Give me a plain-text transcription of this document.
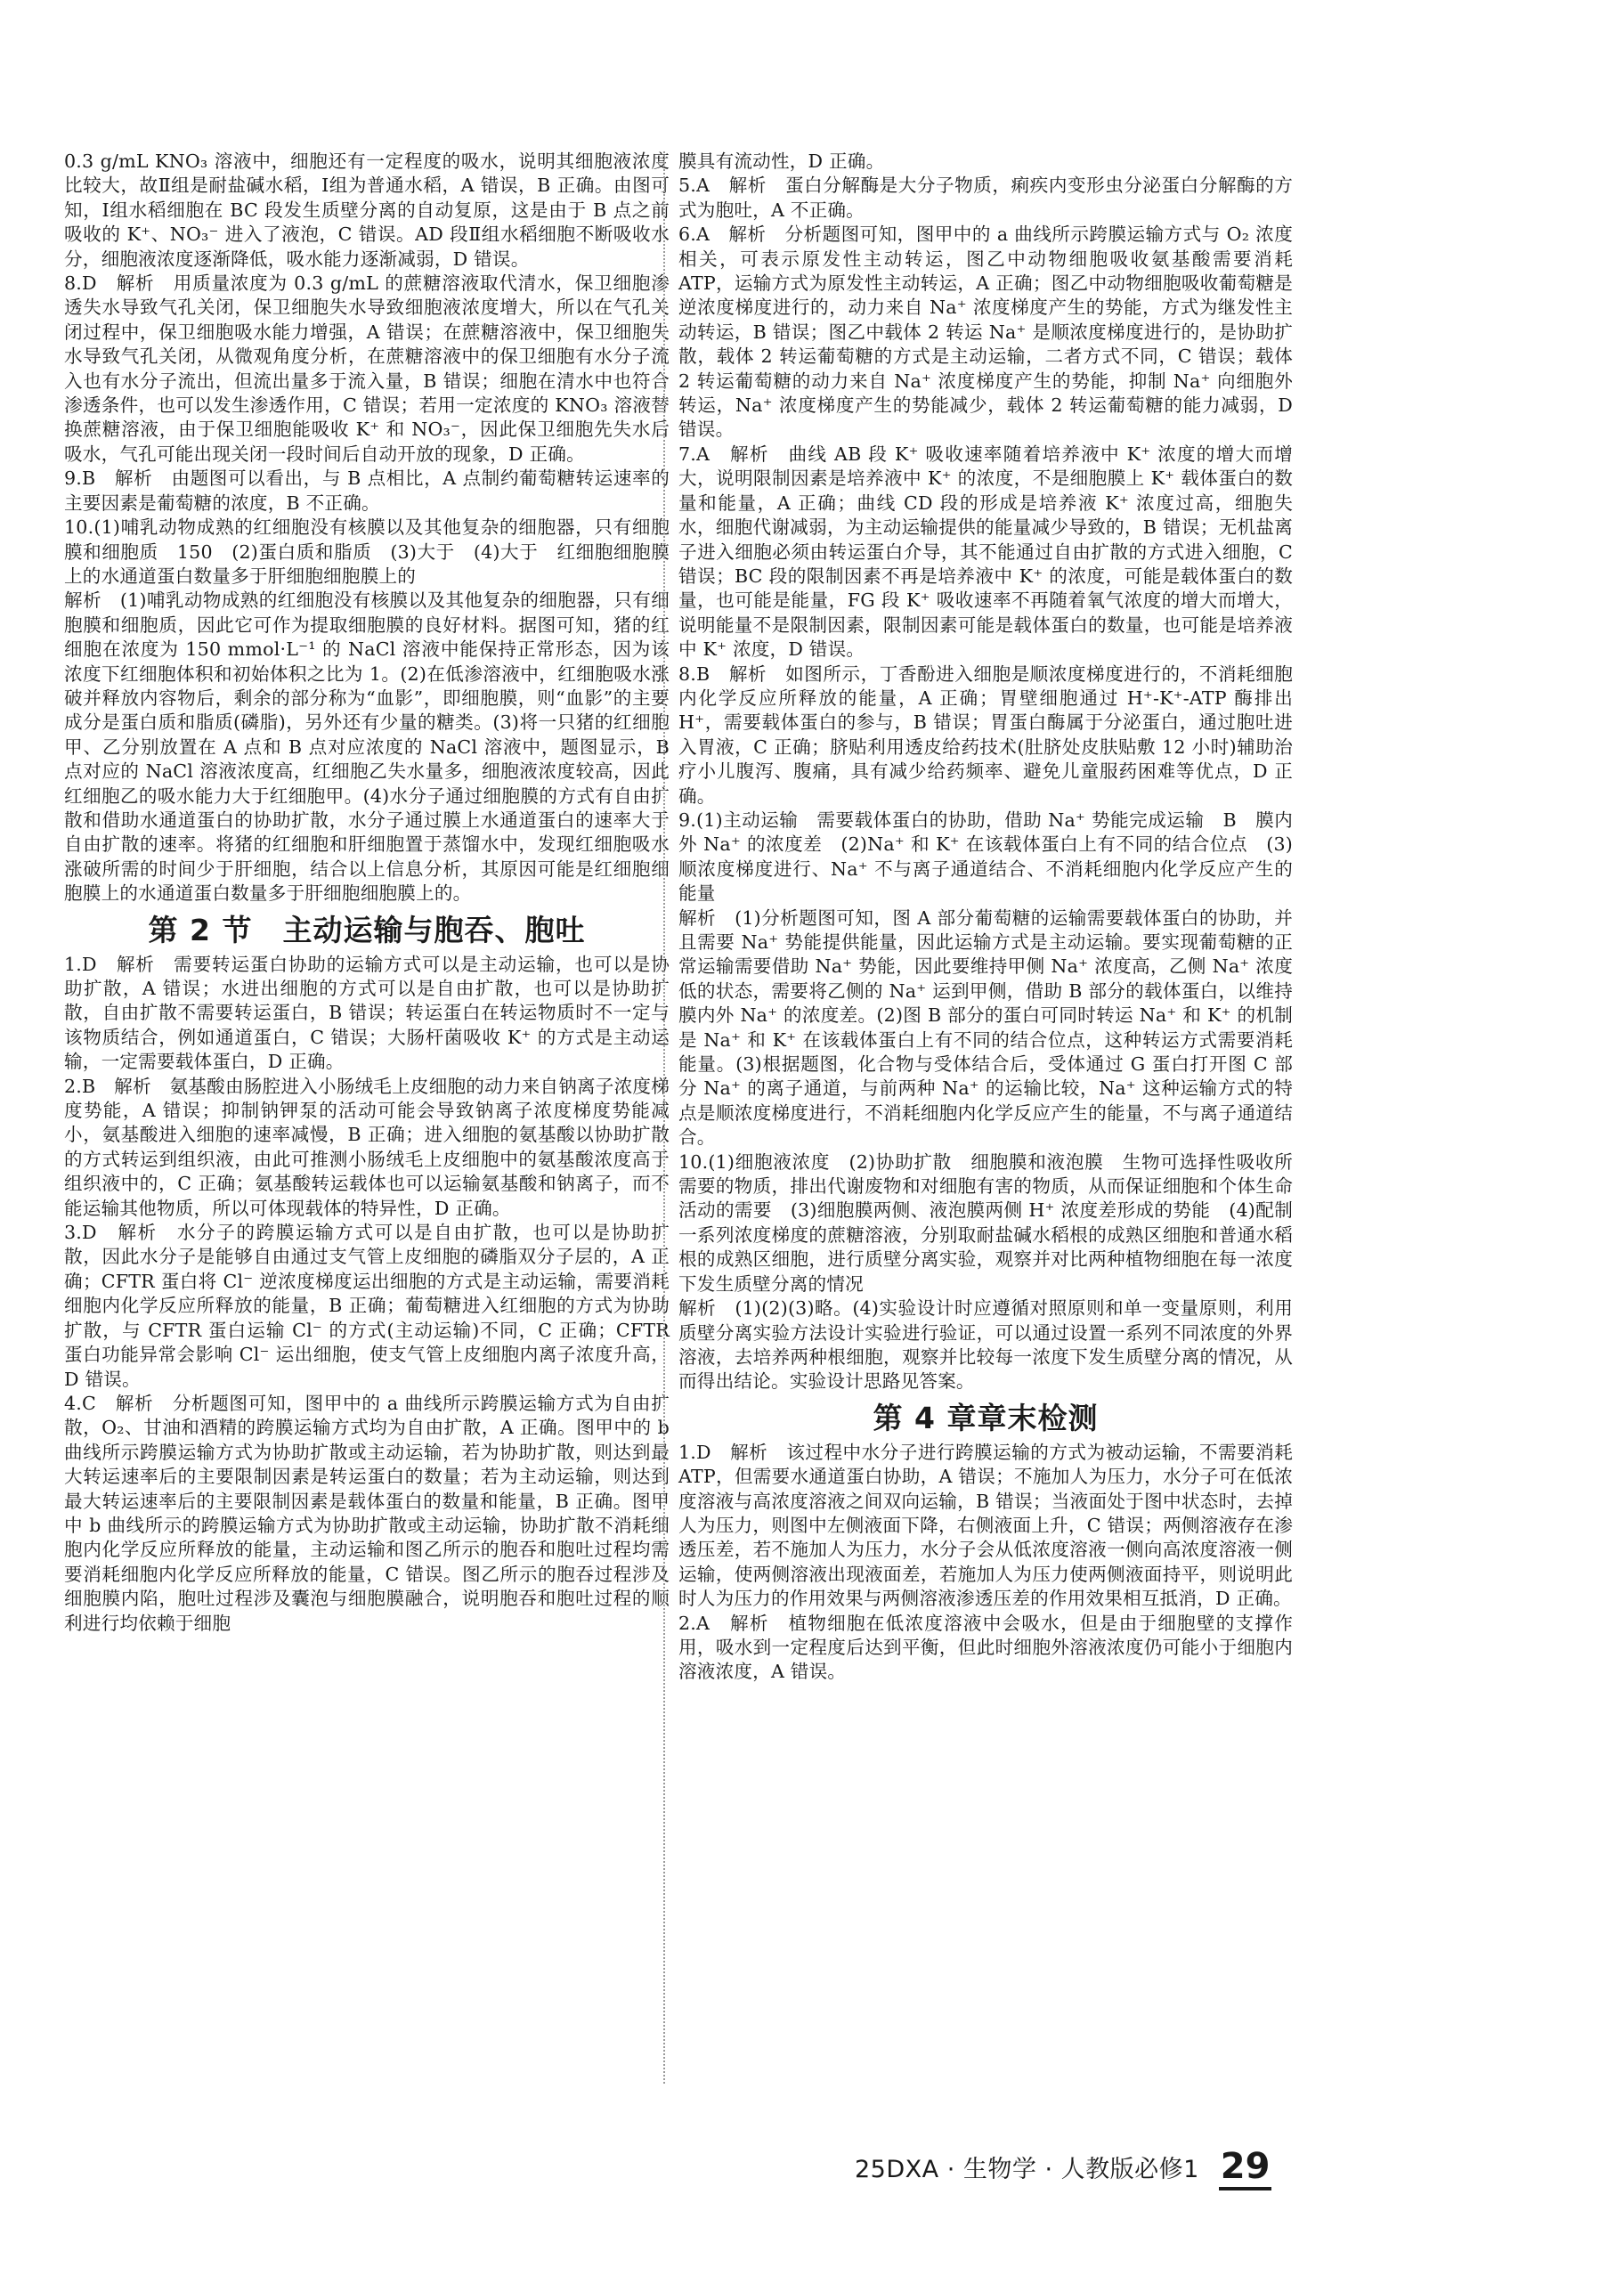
0.3 g/mL KNO₃ 溶液中，细胞还有一定程度的吸水，说明其细胞液浓度比较大，故Ⅱ组是耐盐碱水稻，Ⅰ组为普通水稻，A 错误，B 正确。由图可知，Ⅰ组水稻细胞在 BC 段发生质壁分离的自动复原，这是由于 B 点之前吸收的 K⁺、NO₃⁻ 进入了液泡，C 错误。AD 段Ⅱ组水稻细胞不断吸收水分，细胞液浓度逐渐降低，吸水能力逐渐减弱，D 错误。

8.D　解析　用质量浓度为 0.3 g/mL 的蔗糖溶液取代清水，保卫细胞渗透失水导致气孔关闭，保卫细胞失水导致细胞液浓度增大，所以在气孔关闭过程中，保卫细胞吸水能力增强，A 错误；在蔗糖溶液中，保卫细胞失水导致气孔关闭，从微观角度分析，在蔗糖溶液中的保卫细胞有水分子流入也有水分子流出，但流出量多于流入量，B 错误；细胞在清水中也符合渗透条件，也可以发生渗透作用，C 错误；若用一定浓度的 KNO₃ 溶液替换蔗糖溶液，由于保卫细胞能吸收 K⁺ 和 NO₃⁻，因此保卫细胞先失水后吸水，气孔可能出现关闭一段时间后自动开放的现象，D 正确。

9.B　解析　由题图可以看出，与 B 点相比，A 点制约葡萄糖转运速率的主要因素是葡萄糖的浓度，B 不正确。

10.(1)哺乳动物成熟的红细胞没有核膜以及其他复杂的细胞器，只有细胞膜和细胞质　150　(2)蛋白质和脂质　(3)大于　(4)大于　红细胞细胞膜上的水通道蛋白数量多于肝细胞细胞膜上的

解析　(1)哺乳动物成熟的红细胞没有核膜以及其他复杂的细胞器，只有细胞膜和细胞质，因此它可作为提取细胞膜的良好材料。据图可知，猪的红细胞在浓度为 150 mmol·L⁻¹ 的 NaCl 溶液中能保持正常形态，因为该浓度下红细胞体积和初始体积之比为 1。(2)在低渗溶液中，红细胞吸水涨破并释放内容物后，剩余的部分称为“血影”，即细胞膜，则“血影”的主要成分是蛋白质和脂质(磷脂)，另外还有少量的糖类。(3)将一只猪的红细胞甲、乙分别放置在 A 点和 B 点对应浓度的 NaCl 溶液中，题图显示，B 点对应的 NaCl 溶液浓度高，红细胞乙失水量多，细胞液浓度较高，因此红细胞乙的吸水能力大于红细胞甲。(4)水分子通过细胞膜的方式有自由扩散和借助水通道蛋白的协助扩散，水分子通过膜上水通道蛋白的速率大于自由扩散的速率。将猪的红细胞和肝细胞置于蒸馏水中，发现红细胞吸水涨破所需的时间少于肝细胞，结合以上信息分析，其原因可能是红细胞细胞膜上的水通道蛋白数量多于肝细胞细胞膜上的。

第 2 节　主动运输与胞吞、胞吐

1.D　解析　需要转运蛋白协助的运输方式可以是主动运输，也可以是协助扩散，A 错误；水进出细胞的方式可以是自由扩散，也可以是协助扩散，自由扩散不需要转运蛋白，B 错误；转运蛋白在转运物质时不一定与该物质结合，例如通道蛋白，C 错误；大肠杆菌吸收 K⁺ 的方式是主动运输，一定需要载体蛋白，D 正确。

2.B　解析　氨基酸由肠腔进入小肠绒毛上皮细胞的动力来自钠离子浓度梯度势能，A 错误；抑制钠钾泵的活动可能会导致钠离子浓度梯度势能减小，氨基酸进入细胞的速率减慢，B 正确；进入细胞的氨基酸以协助扩散的方式转运到组织液，由此可推测小肠绒毛上皮细胞中的氨基酸浓度高于组织液中的，C 正确；氨基酸转运载体也可以运输氨基酸和钠离子，而不能运输其他物质，所以可体现载体的特异性，D 正确。

3.D　解析　水分子的跨膜运输方式可以是自由扩散，也可以是协助扩散，因此水分子是能够自由通过支气管上皮细胞的磷脂双分子层的，A 正确；CFTR 蛋白将 Cl⁻ 逆浓度梯度运出细胞的方式是主动运输，需要消耗细胞内化学反应所释放的能量，B 正确；葡萄糖进入红细胞的方式为协助扩散，与 CFTR 蛋白运输 Cl⁻ 的方式(主动运输)不同，C 正确；CFTR 蛋白功能异常会影响 Cl⁻ 运出细胞，使支气管上皮细胞内离子浓度升高，D 错误。

4.C　解析　分析题图可知，图甲中的 a 曲线所示跨膜运输方式为自由扩散，O₂、甘油和酒精的跨膜运输方式均为自由扩散，A 正确。图甲中的 b 曲线所示跨膜运输方式为协助扩散或主动运输，若为协助扩散，则达到最大转运速率后的主要限制因素是转运蛋白的数量；若为主动运输，则达到最大转运速率后的主要限制因素是载体蛋白的数量和能量，B 正确。图甲中 b 曲线所示的跨膜运输方式为协助扩散或主动运输，协助扩散不消耗细胞内化学反应所释放的能量，主动运输和图乙所示的胞吞和胞吐过程均需要消耗细胞内化学反应所释放的能量，C 错误。图乙所示的胞吞过程涉及细胞膜内陷，胞吐过程涉及囊泡与细胞膜融合，说明胞吞和胞吐过程的顺利进行均依赖于细胞

膜具有流动性，D 正确。

5.A　解析　蛋白分解酶是大分子物质，痢疾内变形虫分泌蛋白分解酶的方式为胞吐，A 不正确。

6.A　解析　分析题图可知，图甲中的 a 曲线所示跨膜运输方式与 O₂ 浓度相关，可表示原发性主动转运，图乙中动物细胞吸收氨基酸需要消耗 ATP，运输方式为原发性主动转运，A 正确；图乙中动物细胞吸收葡萄糖是逆浓度梯度进行的，动力来自 Na⁺ 浓度梯度产生的势能，方式为继发性主动转运，B 错误；图乙中载体 2 转运 Na⁺ 是顺浓度梯度进行的，是协助扩散，载体 2 转运葡萄糖的方式是主动运输，二者方式不同，C 错误；载体 2 转运葡萄糖的动力来自 Na⁺ 浓度梯度产生的势能，抑制 Na⁺ 向细胞外转运，Na⁺ 浓度梯度产生的势能减少，载体 2 转运葡萄糖的能力减弱，D 错误。

7.A　解析　曲线 AB 段 K⁺ 吸收速率随着培养液中 K⁺ 浓度的增大而增大，说明限制因素是培养液中 K⁺ 的浓度，不是细胞膜上 K⁺ 载体蛋白的数量和能量，A 正确；曲线 CD 段的形成是培养液 K⁺ 浓度过高，细胞失水，细胞代谢减弱，为主动运输提供的能量减少导致的，B 错误；无机盐离子进入细胞必须由转运蛋白介导，其不能通过自由扩散的方式进入细胞，C 错误；BC 段的限制因素不再是培养液中 K⁺ 的浓度，可能是载体蛋白的数量，也可能是能量，FG 段 K⁺ 吸收速率不再随着氧气浓度的增大而增大，说明能量不是限制因素，限制因素可能是载体蛋白的数量，也可能是培养液中 K⁺ 浓度，D 错误。

8.B　解析　如图所示，丁香酚进入细胞是顺浓度梯度进行的，不消耗细胞内化学反应所释放的能量，A 正确；胃壁细胞通过 H⁺-K⁺-ATP 酶排出 H⁺，需要载体蛋白的参与，B 错误；胃蛋白酶属于分泌蛋白，通过胞吐进入胃液，C 正确；脐贴利用透皮给药技术(肚脐处皮肤贴敷 12 小时)辅助治疗小儿腹泻、腹痛，具有减少给药频率、避免儿童服药困难等优点，D 正确。

9.(1)主动运输　需要载体蛋白的协助，借助 Na⁺ 势能完成运输　B　膜内外 Na⁺ 的浓度差　(2)Na⁺ 和 K⁺ 在该载体蛋白上有不同的结合位点　(3)顺浓度梯度进行、Na⁺ 不与离子通道结合、不消耗细胞内化学反应产生的能量

解析　(1)分析题图可知，图 A 部分葡萄糖的运输需要载体蛋白的协助，并且需要 Na⁺ 势能提供能量，因此运输方式是主动运输。要实现葡萄糖的正常运输需要借助 Na⁺ 势能，因此要维持甲侧 Na⁺ 浓度高，乙侧 Na⁺ 浓度低的状态，需要将乙侧的 Na⁺ 运到甲侧，借助 B 部分的载体蛋白，以维持膜内外 Na⁺ 的浓度差。(2)图 B 部分的蛋白可同时转运 Na⁺ 和 K⁺ 的机制是 Na⁺ 和 K⁺ 在该载体蛋白上有不同的结合位点，这种转运方式需要消耗能量。(3)根据题图，化合物与受体结合后，受体通过 G 蛋白打开图 C 部分 Na⁺ 的离子通道，与前两种 Na⁺ 的运输比较，Na⁺ 这种运输方式的特点是顺浓度梯度进行，不消耗细胞内化学反应产生的能量，不与离子通道结合。

10.(1)细胞液浓度　(2)协助扩散　细胞膜和液泡膜　生物可选择性吸收所需要的物质，排出代谢废物和对细胞有害的物质，从而保证细胞和个体生命活动的需要　(3)细胞膜两侧、液泡膜两侧 H⁺ 浓度差形成的势能　(4)配制一系列浓度梯度的蔗糖溶液，分别取耐盐碱水稻根的成熟区细胞和普通水稻根的成熟区细胞，进行质壁分离实验，观察并对比两种植物细胞在每一浓度下发生质壁分离的情况

解析　(1)(2)(3)略。(4)实验设计时应遵循对照原则和单一变量原则，利用质壁分离实验方法设计实验进行验证，可以通过设置一系列不同浓度的外界溶液，去培养两种根细胞，观察并比较每一浓度下发生质壁分离的情况，从而得出结论。实验设计思路见答案。

第 4 章章末检测

1.D　解析　该过程中水分子进行跨膜运输的方式为被动运输，不需要消耗 ATP，但需要水通道蛋白协助，A 错误；不施加人为压力，水分子可在低浓度溶液与高浓度溶液之间双向运输，B 错误；当液面处于图中状态时，去掉人为压力，则图中左侧液面下降，右侧液面上升，C 错误；两侧溶液存在渗透压差，若不施加人为压力，水分子会从低浓度溶液一侧向高浓度溶液一侧运输，使两侧溶液出现液面差，若施加人为压力使两侧液面持平，则说明此时人为压力的作用效果与两侧溶液渗透压差的作用效果相互抵消，D 正确。

2.A　解析　植物细胞在低浓度溶液中会吸水，但是由于细胞壁的支撑作用，吸水到一定程度后达到平衡，但此时细胞外溶液浓度仍可能小于细胞内溶液浓度，A 错误。

25DXA · 生物学 · 人教版必修1 29
